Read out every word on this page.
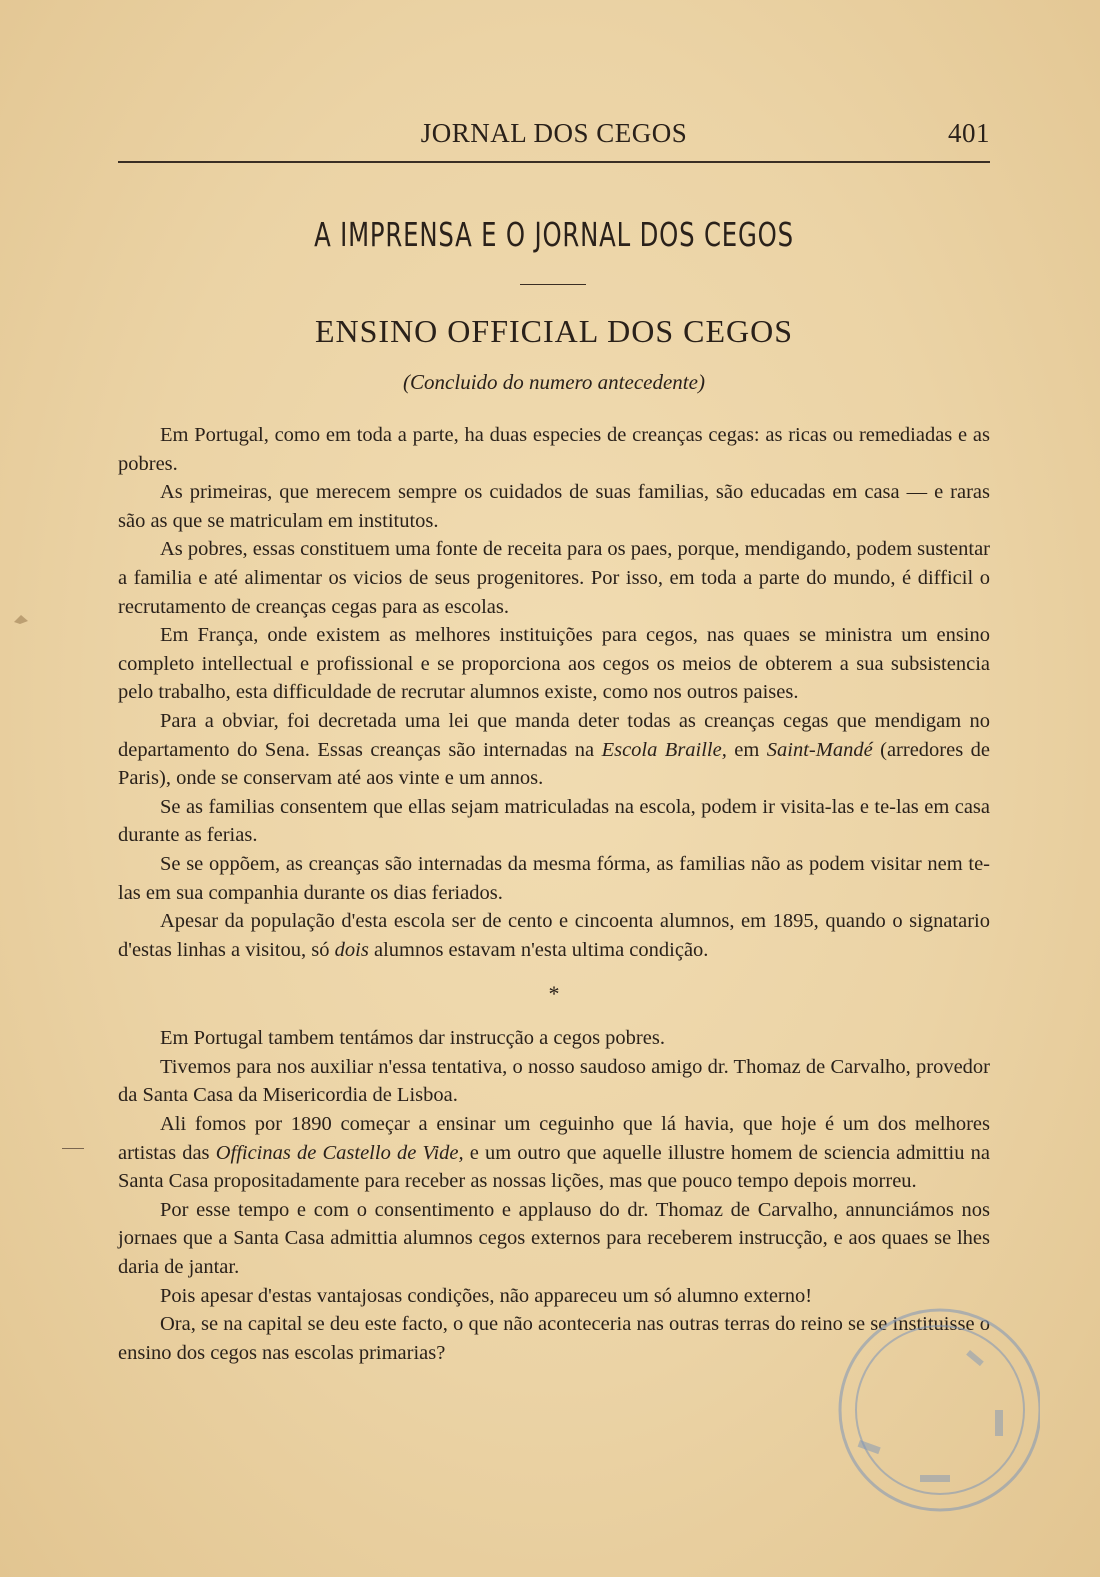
JORNAL DOS CEGOS	401
A IMPRENSA E O JORNAL DOS CEGOS
ENSINO OFFICIAL DOS CEGOS
(Concluido do numero antecedente)

Em Portugal, como em toda a parte, ha duas especies de creanças cegas: as ricas ou remediadas e as pobres.

As primeiras, que merecem sempre os cuidados de suas familias, são educadas em casa — e raras são as que se matriculam em institutos.

As pobres, essas constituem uma fonte de receita para os paes, porque, mendigando, podem sustentar a familia e até alimentar os vicios de seus progenitores. Por isso, em toda a parte do mundo, é difficil o recrutamento de creanças cegas para as escolas.

Em França, onde existem as melhores instituições para cegos, nas quaes se ministra um ensino completo intellectual e profissional e se proporciona aos cegos os meios de obterem a sua subsistencia pelo trabalho, esta difficuldade de recrutar alumnos existe, como nos outros paises.

Para a obviar, foi decretada uma lei que manda deter todas as creanças cegas que mendigam no departamento do Sena. Essas creanças são internadas na Escola Braille, em Saint-Mandé (arredores de Paris), onde se conservam até aos vinte e um annos.

Se as familias consentem que ellas sejam matriculadas na escola, podem ir visita-las e te-las em casa durante as ferias.

Se se oppõem, as creanças são internadas da mesma fórma, as familias não as podem visitar nem te-las em sua companhia durante os dias feriados.

Apesar da população d'esta escola ser de cento e cincoenta alumnos, em 1895, quando o signatario d'estas linhas a visitou, só dois alumnos estavam n'esta ultima condição.

*

Em Portugal tambem tentámos dar instrucção a cegos pobres.

Tivemos para nos auxiliar n'essa tentativa, o nosso saudoso amigo dr. Thomaz de Carvalho, provedor da Santa Casa da Misericordia de Lisboa.

Ali fomos por 1890 começar a ensinar um ceguinho que lá havia, que hoje é um dos melhores artistas das Officinas de Castello de Vide, e um outro que aquelle illustre homem de sciencia admittiu na Santa Casa propositadamente para receber as nossas lições, mas que pouco tempo depois morreu.

Por esse tempo e com o consentimento e applauso do dr. Thomaz de Carvalho, annunciámos nos jornaes que a Santa Casa admittia alumnos cegos externos para receberem instrucção, e aos quaes se lhes daria de jantar.

Pois apesar d'estas vantajosas condições, não appareceu um só alumno externo!

Ora, se na capital se deu este facto, o que não aconteceria nas outras terras do reino se se instituisse o ensino dos cegos nas escolas primarias?
